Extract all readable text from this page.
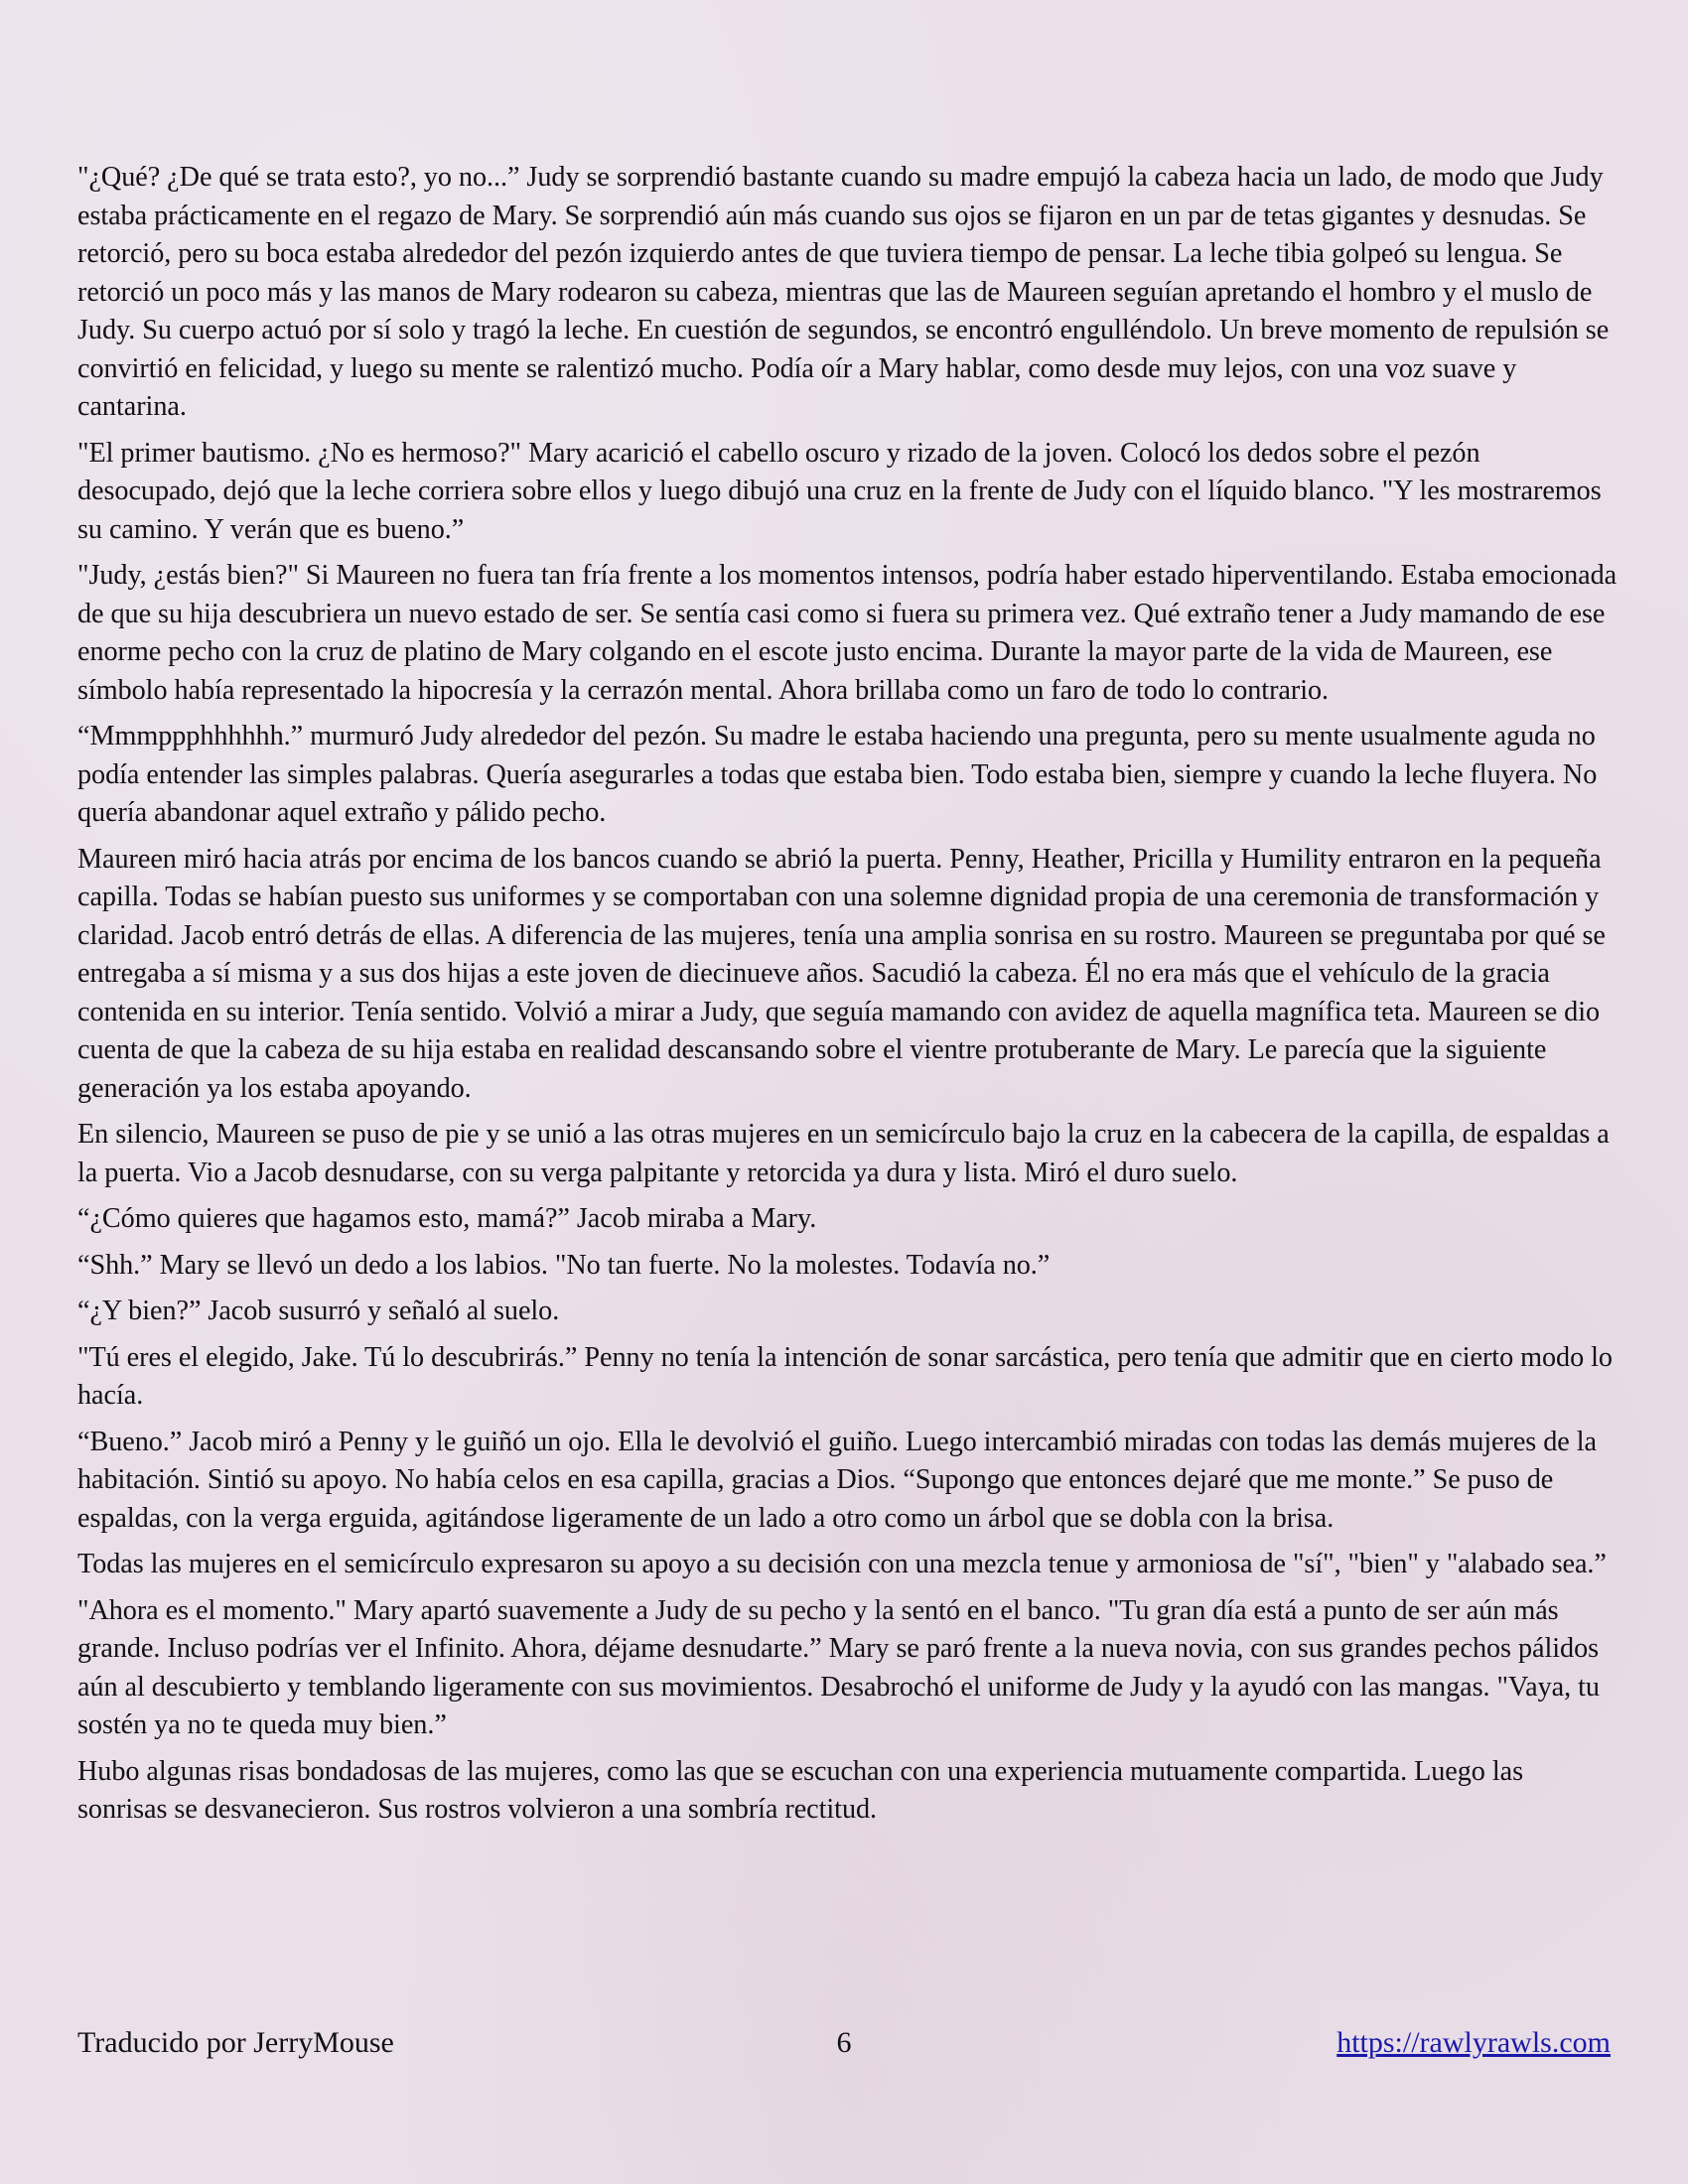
"¿Qué? ¿De qué se trata esto?, yo no...” Judy se sorprendió bastante cuando su madre empujó la cabeza hacia un lado, de modo que Judy estaba prácticamente en el regazo de Mary. Se sorprendió aún más cuando sus ojos se fijaron en un par de tetas gigantes y desnudas. Se retorció, pero su boca estaba alrededor del pezón izquierdo antes de que tuviera tiempo de pensar. La leche tibia golpeó su lengua. Se retorció un poco más y las manos de Mary rodearon su cabeza, mientras que las de Maureen seguían apretando el hombro y el muslo de Judy. Su cuerpo actuó por sí solo y tragó la leche. En cuestión de segundos, se encontró engulléndolo. Un breve momento de repulsión se convirtió en felicidad, y luego su mente se ralentizó mucho. Podía oír a Mary hablar, como desde muy lejos, con una voz suave y cantarina.

"El primer bautismo. ¿No es hermoso?" Mary acarició el cabello oscuro y rizado de la joven. Colocó los dedos sobre el pezón desocupado, dejó que la leche corriera sobre ellos y luego dibujó una cruz en la frente de Judy con el líquido blanco. "Y les mostraremos su camino. Y verán que es bueno.”

"Judy, ¿estás bien?" Si Maureen no fuera tan fría frente a los momentos intensos, podría haber estado hiperventilando. Estaba emocionada de que su hija descubriera un nuevo estado de ser. Se sentía casi como si fuera su primera vez. Qué extraño tener a Judy mamando de ese enorme pecho con la cruz de platino de Mary colgando en el escote justo encima. Durante la mayor parte de la vida de Maureen, ese símbolo había representado la hipocresía y la cerrazón mental. Ahora brillaba como un faro de todo lo contrario.

“Mmmppphhhhhh.” murmuró Judy alrededor del pezón. Su madre le estaba haciendo una pregunta, pero su mente usualmente aguda no podía entender las simples palabras. Quería asegurarles a todas que estaba bien. Todo estaba bien, siempre y cuando la leche fluyera. No quería abandonar aquel extraño y pálido pecho.

Maureen miró hacia atrás por encima de los bancos cuando se abrió la puerta. Penny, Heather, Pricilla y Humility entraron en la pequeña capilla. Todas se habían puesto sus uniformes y se comportaban con una solemne dignidad propia de una ceremonia de transformación y claridad. Jacob entró detrás de ellas. A diferencia de las mujeres, tenía una amplia sonrisa en su rostro. Maureen se preguntaba por qué se entregaba a sí misma y a sus dos hijas a este joven de diecinueve años. Sacudió la cabeza. Él no era más que el vehículo de la gracia contenida en su interior. Tenía sentido. Volvió a mirar a Judy, que seguía mamando con avidez de aquella magnífica teta. Maureen se dio cuenta de que la cabeza de su hija estaba en realidad descansando sobre el vientre protuberante de Mary. Le parecía que la siguiente generación ya los estaba apoyando.

En silencio, Maureen se puso de pie y se unió a las otras mujeres en un semicírculo bajo la cruz en la cabecera de la capilla, de espaldas a la puerta. Vio a Jacob desnudarse, con su verga palpitante y retorcida ya dura y lista. Miró el duro suelo.

“¿Cómo quieres que hagamos esto, mamá?” Jacob miraba a Mary.

“Shh.” Mary se llevó un dedo a los labios. "No tan fuerte. No la molestes. Todavía no.”

“¿Y bien?” Jacob susurró y señaló al suelo.

"Tú eres el elegido, Jake. Tú lo descubrirás.” Penny no tenía la intención de sonar sarcástica, pero tenía que admitir que en cierto modo lo hacía.

“Bueno.” Jacob miró a Penny y le guiñó un ojo. Ella le devolvió el guiño. Luego intercambió miradas con todas las demás mujeres de la habitación. Sintió su apoyo. No había celos en esa capilla, gracias a Dios. “Supongo que entonces dejaré que me monte.” Se puso de espaldas, con la verga erguida, agitándose ligeramente de un lado a otro como un árbol que se dobla con la brisa.

Todas las mujeres en el semicírculo expresaron su apoyo a su decisión con una mezcla tenue y armoniosa de "sí", "bien" y "alabado sea.”

"Ahora es el momento." Mary apartó suavemente a Judy de su pecho y la sentó en el banco. "Tu gran día está a punto de ser aún más grande. Incluso podrías ver el Infinito. Ahora, déjame desnudarte.” Mary se paró frente a la nueva novia, con sus grandes pechos pálidos aún al descubierto y temblando ligeramente con sus movimientos. Desabrochó el uniforme de Judy y la ayudó con las mangas. "Vaya, tu sostén ya no te queda muy bien.”

Hubo algunas risas bondadosas de las mujeres, como las que se escuchan con una experiencia mutuamente compartida. Luego las sonrisas se desvanecieron. Sus rostros volvieron a una sombría rectitud.

Traducido por JerryMouse	6	https://rawlyrawls.com
